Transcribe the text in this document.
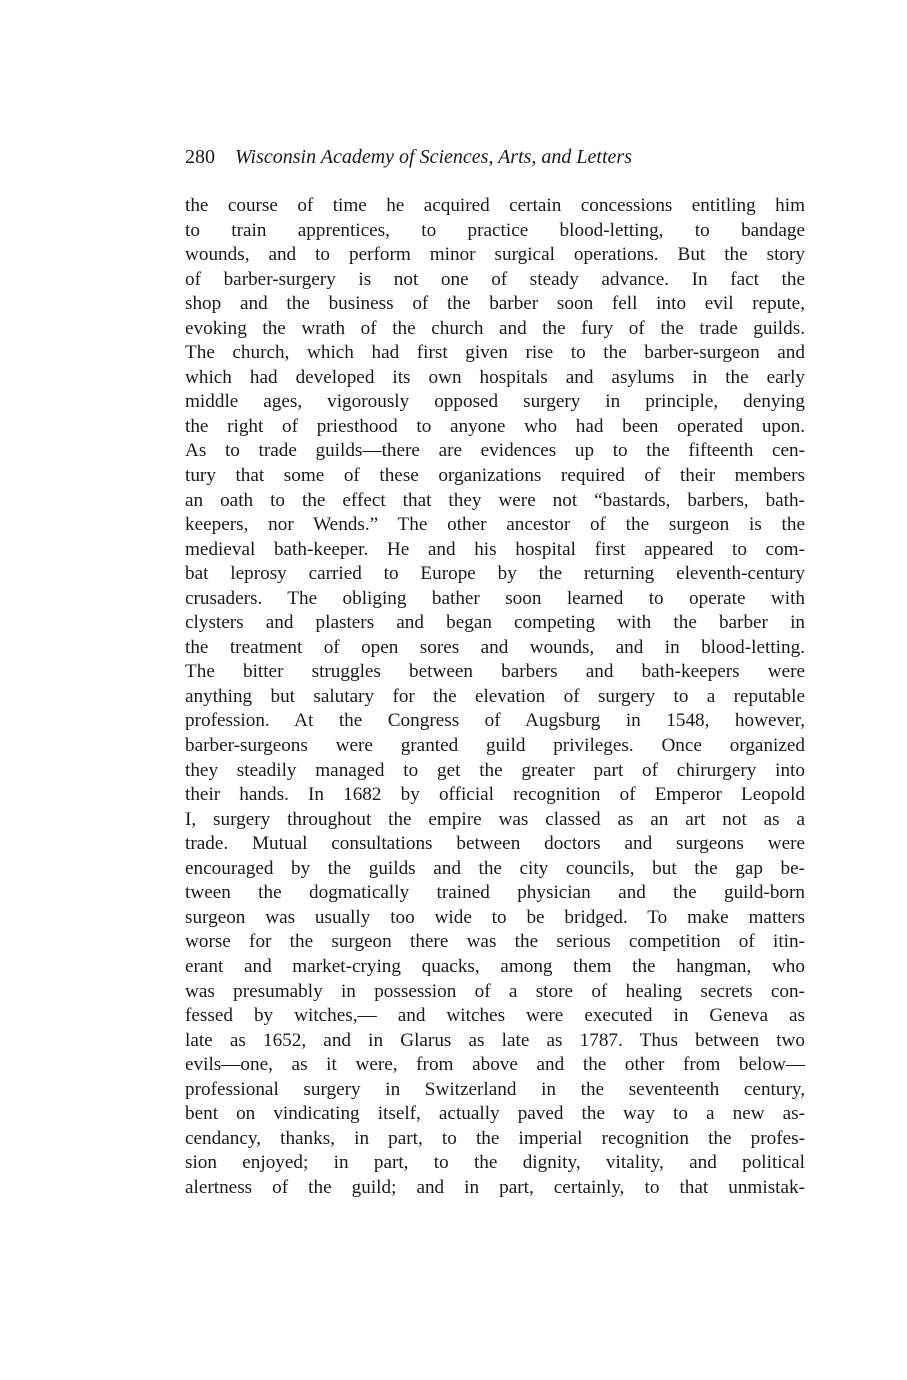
280 Wisconsin Academy of Sciences, Arts, and Letters
the course of time he acquired certain concessions entitling him
to train apprentices, to practice blood-letting, to bandage
wounds, and to perform minor surgical operations. But the story
of barber-surgery is not one of steady advance. In fact the
shop and the business of the barber soon fell into evil repute,
evoking the wrath of the church and the fury of the trade guilds.
The church, which had first given rise to the barber-surgeon and
which had developed its own hospitals and asylums in the early
middle ages, vigorously opposed surgery in principle, denying
the right of priesthood to anyone who had been operated upon.
As to trade guilds—there are evidences up to the fifteenth cen-
tury that some of these organizations required of their members
an oath to the effect that they were not “bastards, barbers, bath-
keepers, nor Wends.” The other ancestor of the surgeon is the
medieval bath-keeper. He and his hospital first appeared to com-
bat leprosy carried to Europe by the returning eleventh-century
crusaders. The obliging bather soon learned to operate with
clysters and plasters and began competing with the barber in
the treatment of open sores and wounds, and in blood-letting.
The bitter struggles between barbers and bath-keepers were
anything but salutary for the elevation of surgery to a reputable
profession. At the Congress of Augsburg in 1548, however,
barber-surgeons were granted guild privileges. Once organized
they steadily managed to get the greater part of chirurgery into
their hands. In 1682 by official recognition of Emperor Leopold
I, surgery throughout the empire was classed as an art not as a
trade. Mutual consultations between doctors and surgeons were
encouraged by the guilds and the city councils, but the gap be-
tween the dogmatically trained physician and the guild-born
surgeon was usually too wide to be bridged. To make matters
worse for the surgeon there was the serious competition of itin-
erant and market-crying quacks, among them the hangman, who
was presumably in possession of a store of healing secrets con-
fessed by witches,— and witches were executed in Geneva as
late as 1652, and in Glarus as late as 1787. Thus between two
evils—one, as it were, from above and the other from below—
professional surgery in Switzerland in the seventeenth century,
bent on vindicating itself, actually paved the way to a new as-
cendancy, thanks, in part, to the imperial recognition the profes-
sion enjoyed; in part, to the dignity, vitality, and political
alertness of the guild; and in part, certainly, to that unmistak-
